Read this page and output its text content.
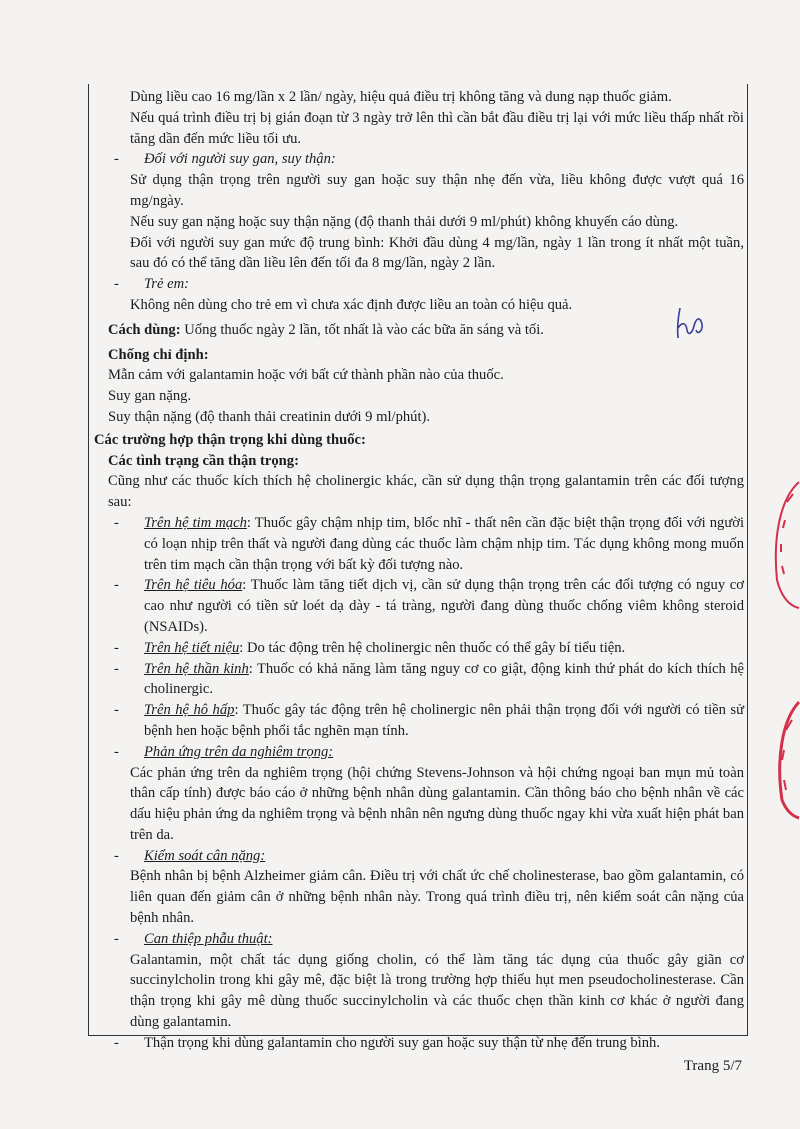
Dùng liều cao 16 mg/lần x 2 lần/ ngày, hiệu quả điều trị không tăng và dung nạp thuốc giảm.

Nếu quá trình điều trị bị gián đoạn từ 3 ngày trở lên thì cần bắt đầu điều trị lại với mức liều thấp nhất rồi tăng dần đến mức liều tối ưu.

- Đối với người suy gan, suy thận:

Sử dụng thận trọng trên người suy gan hoặc suy thận nhẹ đến vừa, liều không được vượt quá 16 mg/ngày.

Nếu suy gan nặng hoặc suy thận nặng (độ thanh thải dưới 9 ml/phút) không khuyến cáo dùng.

Đối với người suy gan mức độ trung bình: Khởi đầu dùng 4 mg/lần, ngày 1 lần trong ít nhất một tuần, sau đó có thể tăng dần liều lên đến tối đa 8 mg/lần, ngày 2 lần.

- Trẻ em:

Không nên dùng cho trẻ em vì chưa xác định được liều an toàn có hiệu quả.

Cách dùng: Uống thuốc ngày 2 lần, tốt nhất là vào các bữa ăn sáng và tối.

Chống chỉ định:

Mẫn cảm với galantamin hoặc với bất cứ thành phần nào của thuốc.

Suy gan nặng.

Suy thận nặng (độ thanh thải creatinin dưới 9 ml/phút).

Các trường hợp thận trọng khi dùng thuốc:

Các tình trạng cần thận trọng:

Cũng như các thuốc kích thích hệ cholinergic khác, cần sử dụng thận trọng galantamin trên các đối tượng sau:

- Trên hệ tim mạch: Thuốc gây chậm nhịp tim, blốc nhĩ - thất nên cần đặc biệt thận trọng đối với người có loạn nhịp trên thất và người đang dùng các thuốc làm chậm nhịp tim. Tác dụng không mong muốn trên tim mạch cần thận trọng với bất kỳ đối tượng nào.

- Trên hệ tiêu hóa: Thuốc làm tăng tiết dịch vị, cần sử dụng thận trọng trên các đối tượng có nguy cơ cao như người có tiền sử loét dạ dày - tá tràng, người đang dùng thuốc chống viêm không steroid (NSAIDs).

- Trên hệ tiết niệu: Do tác động trên hệ cholinergic nên thuốc có thể gây bí tiểu tiện.

- Trên hệ thần kinh: Thuốc có khả năng làm tăng nguy cơ co giật, động kinh thứ phát do kích thích hệ cholinergic.

- Trên hệ hô hấp: Thuốc gây tác động trên hệ cholinergic nên phải thận trọng đối với người có tiền sử bệnh hen hoặc bệnh phổi tắc nghẽn mạn tính.

- Phản ứng trên da nghiêm trọng:

Các phản ứng trên da nghiêm trọng (hội chứng Stevens-Johnson và hội chứng ngoại ban mụn mủ toàn thân cấp tính) được báo cáo ở những bệnh nhân dùng galantamin. Cần thông báo cho bệnh nhân về các dấu hiệu phản ứng da nghiêm trọng và bệnh nhân nên ngưng dùng thuốc ngay khi vừa xuất hiện phát ban trên da.

- Kiểm soát cân nặng:

Bệnh nhân bị bệnh Alzheimer giảm cân. Điều trị với chất ức chế cholinesterase, bao gồm galantamin, có liên quan đến giảm cân ở những bệnh nhân này. Trong quá trình điều trị, nên kiểm soát cân nặng của bệnh nhân.

- Can thiệp phẫu thuật:

Galantamin, một chất tác dụng giống cholin, có thể làm tăng tác dụng của thuốc gây giãn cơ succinylcholin trong khi gây mê, đặc biệt là trong trường hợp thiếu hụt men pseudocholinesterase. Cần thận trọng khi gây mê dùng thuốc succinylcholin và các thuốc chẹn thần kinh cơ khác ở người đang dùng galantamin.

- Thận trọng khi dùng galantamin cho người suy gan hoặc suy thận từ nhẹ đến trung bình.

Trang 5/7
